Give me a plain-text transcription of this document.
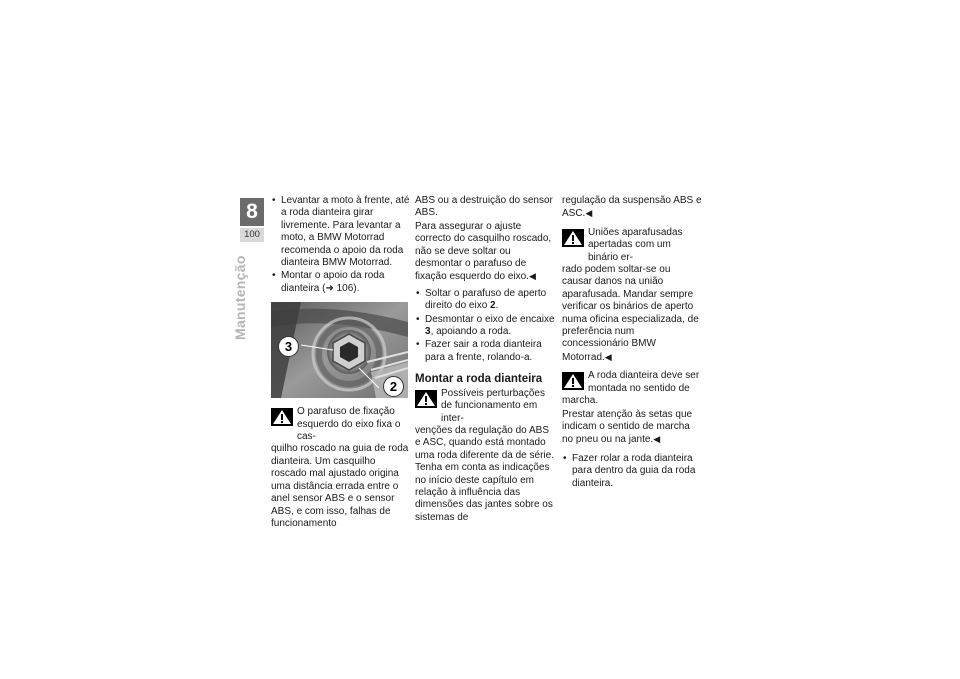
8
100
Manutenção
• Levantar a moto à frente, até a roda dianteira girar livremente. Para levantar a moto, a BMW Motorrad recomenda o apoio da roda dianteira BMW Motorrad.
• Montar o apoio da roda dianteira (➜ 106).
3
2
O parafuso de fixação esquerdo do eixo fixa o cas-

quilho roscado na guia de roda dianteira. Um casquilho roscado mal ajustado origina uma distância errada entre o anel sensor ABS e o sensor ABS, e com isso, falhas de funcionamento

ABS ou a destruição do sensor ABS.

Para assegurar o ajuste correcto do casquilho roscado, não se deve soltar ou desmontar o parafuso de fixação esquerdo do eixo.◀

• Soltar o parafuso de aperto direito do eixo 2.
• Desmontar o eixo de encaixe 3, apoiando a roda.
• Fazer sair a roda dianteira para a frente, rolando-a.
Montar a roda dianteira
Possíveis perturbações de funcionamento em inter-

venções da regulação do ABS e ASC, quando está montado uma roda diferente da de série. Tenha em conta as indicações no início deste capítulo em relação à influência das dimensões das jantes sobre os sistemas de

regulação da suspensão ABS e ASC.◀

Uniões aparafusadas apertadas com um binário er-

rado podem soltar-se ou causar danos na união aparafusada. Mandar sempre verificar os binários de aperto numa oficina especializada, de preferência num concessionário BMW Motorrad.◀

A roda dianteira deve ser montada no sentido de

marcha.

Prestar atenção às setas que indicam o sentido de marcha no pneu ou na jante.◀

• Fazer rolar a roda dianteira para dentro da guia da roda dianteira.
